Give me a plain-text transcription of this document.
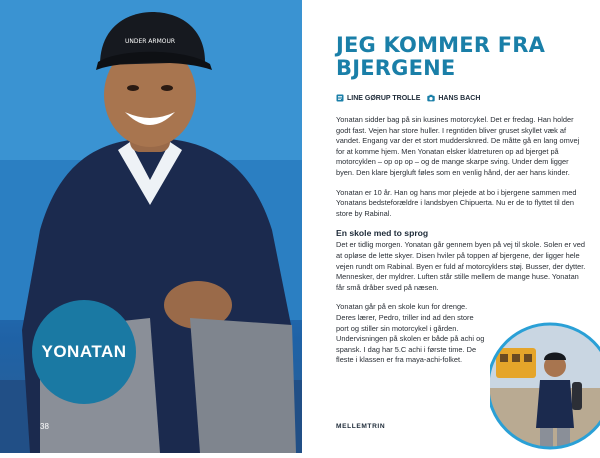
UNDER ARMOUR
YONATAN
38
JEG KOMMER FRA BJERGENE
LINE GØRUP TROLLE	HANS BACH

Yonatan sidder bag på sin kusines motorcykel. Det er fredag. Han holder godt fast. Vejen har store huller. I regntiden bliver gruset skyllet væk af vandet. Engang var der et stort muddersknred. De måtte gå en lang omvej for at komme hjem. Men Yonatan elsker klatreturen op ad bjerget på motorcyklen – op op op – og de mange skarpe sving. Under dem ligger byen. Den klare bjergluft føles som en venlig hånd, der aer hans kinder.

Yonatan er 10 år. Han og hans mor plejede at bo i bjergene sammen med Yonatans bedsteforældre i landsbyen Chipuerta. Nu er de to flyttet til den store by Rabinal.

En skole med to sprog

Det er tidlig morgen. Yonatan går gennem byen på vej til skole. Solen er ved at opløse de lette skyer. Disen hviler på toppen af bjergene, der ligger hele vejen rundt om Rabinal. Byen er fuld af motorcyklers støj. Busser, der dytter. Mennesker, der myldrer. Luften står stille mellem de mange huse. Yonatan får små dråber sved på næsen.

Yonatan går på en skole kun for drenge. Deres lærer, Pedro, triller ind ad den store port og stiller sin motorcykel i gården. Undervisningen på skolen er både på achi og spansk. I dag har 5.C achi i første time. De fleste i klassen er fra maya-achi-folket.

MELLEMTRIN
